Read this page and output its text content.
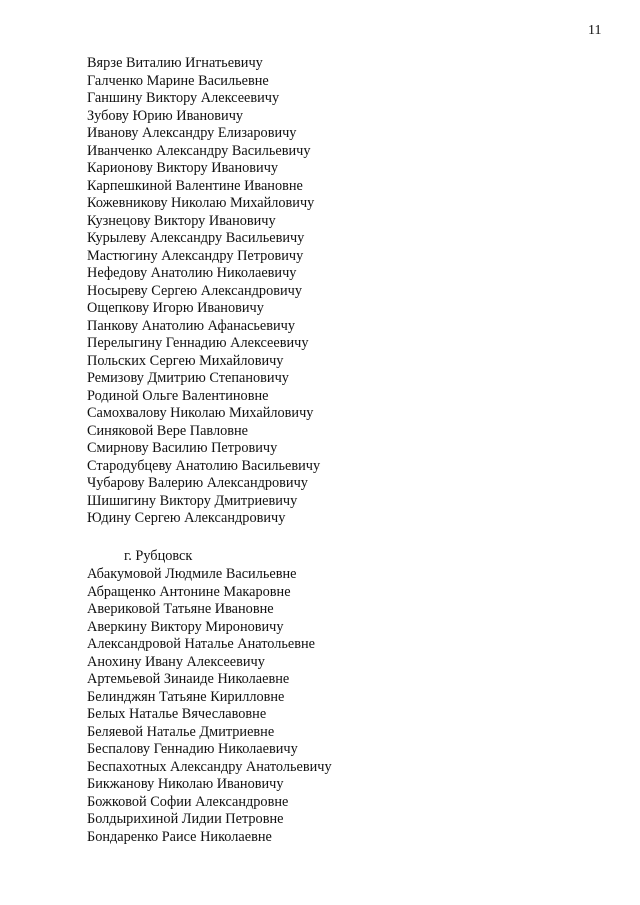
11
Вярзе Виталию Игнатьевичу
Галченко Марине Васильевне
Ганшину Виктору Алексеевичу
Зубову Юрию Ивановичу
Иванову Александру Елизаровичу
Иванченко Александру Васильевичу
Карионову Виктору Ивановичу
Карпешкиной Валентине Ивановне
Кожевникову Николаю Михайловичу
Кузнецову Виктору Ивановичу
Курылеву Александру Васильевичу
Мастюгину Александру Петровичу
Нефедову Анатолию Николаевичу
Носыреву Сергею Александровичу
Ощепкову Игорю Ивановичу
Панкову Анатолию Афанасьевичу
Перелыгину Геннадию Алексеевичу
Польских Сергею Михайловичу
Ремизову Дмитрию Степановичу
Родиной Ольге Валентиновне
Самохвалову Николаю Михайловичу
Синяковой Вере Павловне
Смирнову Василию Петровичу
Стародубцеву Анатолию Васильевичу
Чубарову Валерию Александровичу
Шишигину Виктору Дмитриевичу
Юдину Сергею Александровичу
г. Рубцовск
Абакумовой Людмиле Васильевне
Абращенко Антонине Макаровне
Авериковой Татьяне Ивановне
Аверкину Виктору Мироновичу
Александровой Наталье Анатольевне
Анохину Ивану Алексеевичу
Артемьевой Зинаиде Николаевне
Белинджян Татьяне Кирилловне
Белых Наталье Вячеславовне
Беляевой Наталье Дмитриевне
Беспалову Геннадию Николаевичу
Беспахотных Александру Анатольевичу
Бикжанову Николаю Ивановичу
Божковой Софии Александровне
Болдырихиной Лидии Петровне
Бондаренко Раисе Николаевне
